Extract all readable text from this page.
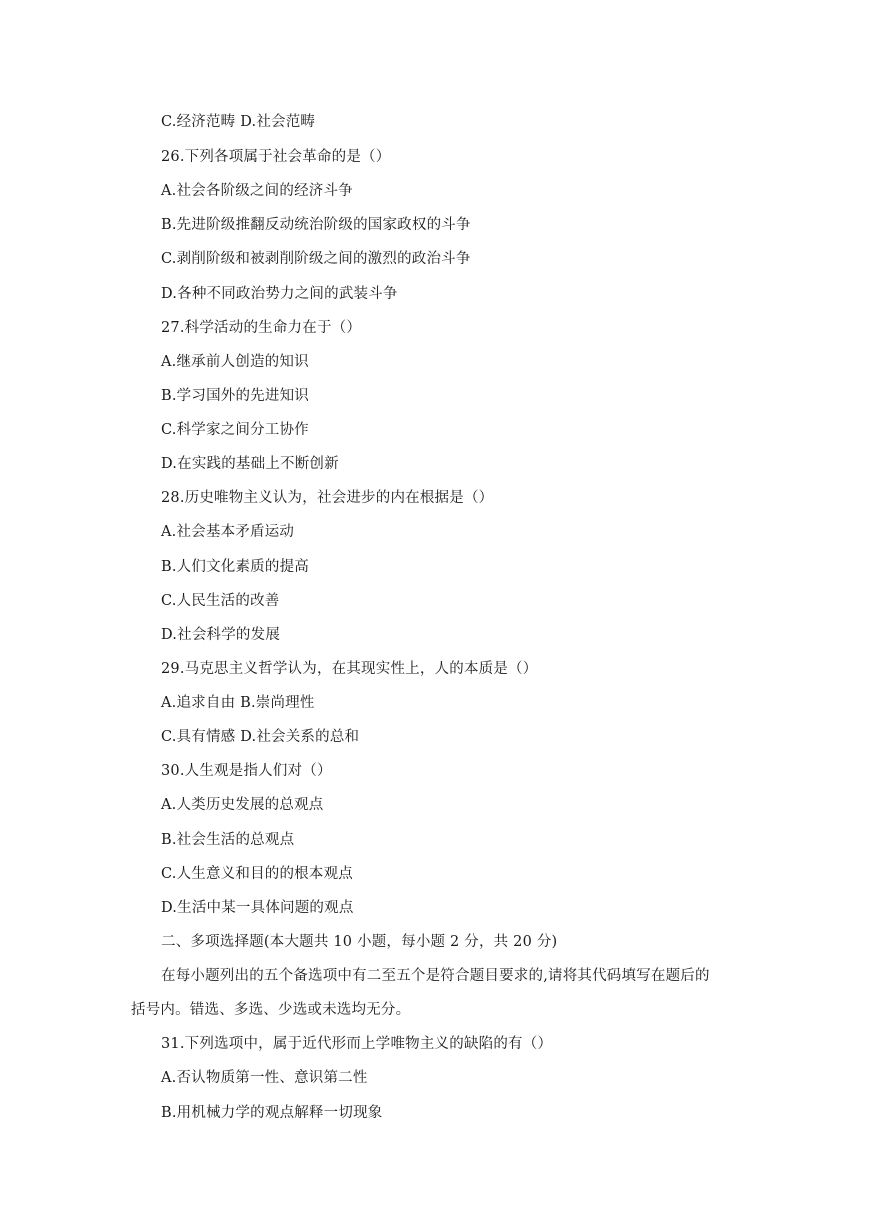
C.经济范畴 D.社会范畴
26.下列各项属于社会革命的是（）
A.社会各阶级之间的经济斗争
B.先进阶级推翻反动统治阶级的国家政权的斗争
C.剥削阶级和被剥削阶级之间的激烈的政治斗争
D.各种不同政治势力之间的武装斗争
27.科学活动的生命力在于（）
A.继承前人创造的知识
B.学习国外的先进知识
C.科学家之间分工协作
D.在实践的基础上不断创新
28.历史唯物主义认为，社会进步的内在根据是（）
A.社会基本矛盾运动
B.人们文化素质的提高
C.人民生活的改善
D.社会科学的发展
29.马克思主义哲学认为，在其现实性上，人的本质是（）
A.追求自由 B.崇尚理性
C.具有情感 D.社会关系的总和
30.人生观是指人们对（）
A.人类历史发展的总观点
B.社会生活的总观点
C.人生意义和目的的根本观点
D.生活中某一具体问题的观点
二、多项选择题(本大题共 10 小题，每小题 2 分，共 20 分)
在每小题列出的五个备选项中有二至五个是符合题目要求的,请将其代码填写在题后的
括号内。错选、多选、少选或未选均无分。
31.下列选项中，属于近代形而上学唯物主义的缺陷的有（）
A.否认物质第一性、意识第二性
B.用机械力学的观点解释一切现象
